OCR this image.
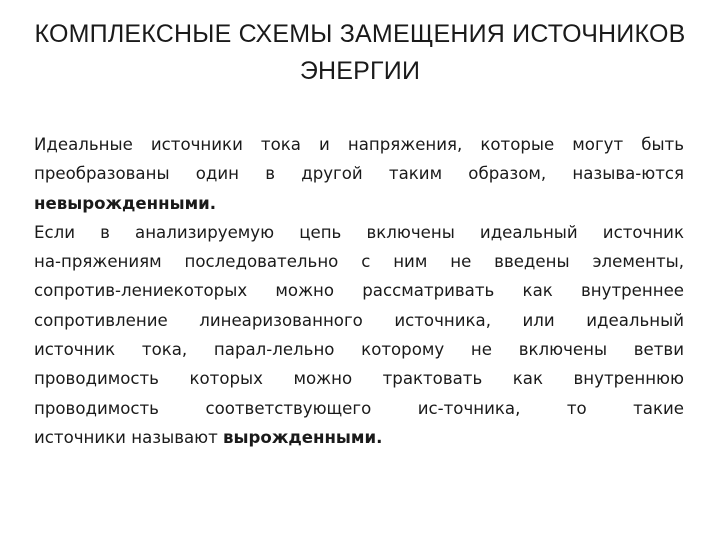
КОМПЛЕКСНЫЕ СХЕМЫ ЗАМЕЩЕНИЯ ИСТОЧНИКОВ
ЭНЕРГИИ

Идеальные источники тока и напряжения, которые могут быть
преобразованы один в другой таким образом, называ-ются
невырожденными.

Если в анализируемую цепь включены идеальный источник
на-пряжениям последовательно с ним не введены элементы,
сопротив-лениекоторых можно рассматривать как внутреннее
сопротивление линеаризованного источника, или идеальный
источник тока, парал-лельно которому не включены ветви
проводимость которых можно трактовать как внутреннюю
проводимость соответствующего ис-точника, то такие
источники называют вырожденными.
